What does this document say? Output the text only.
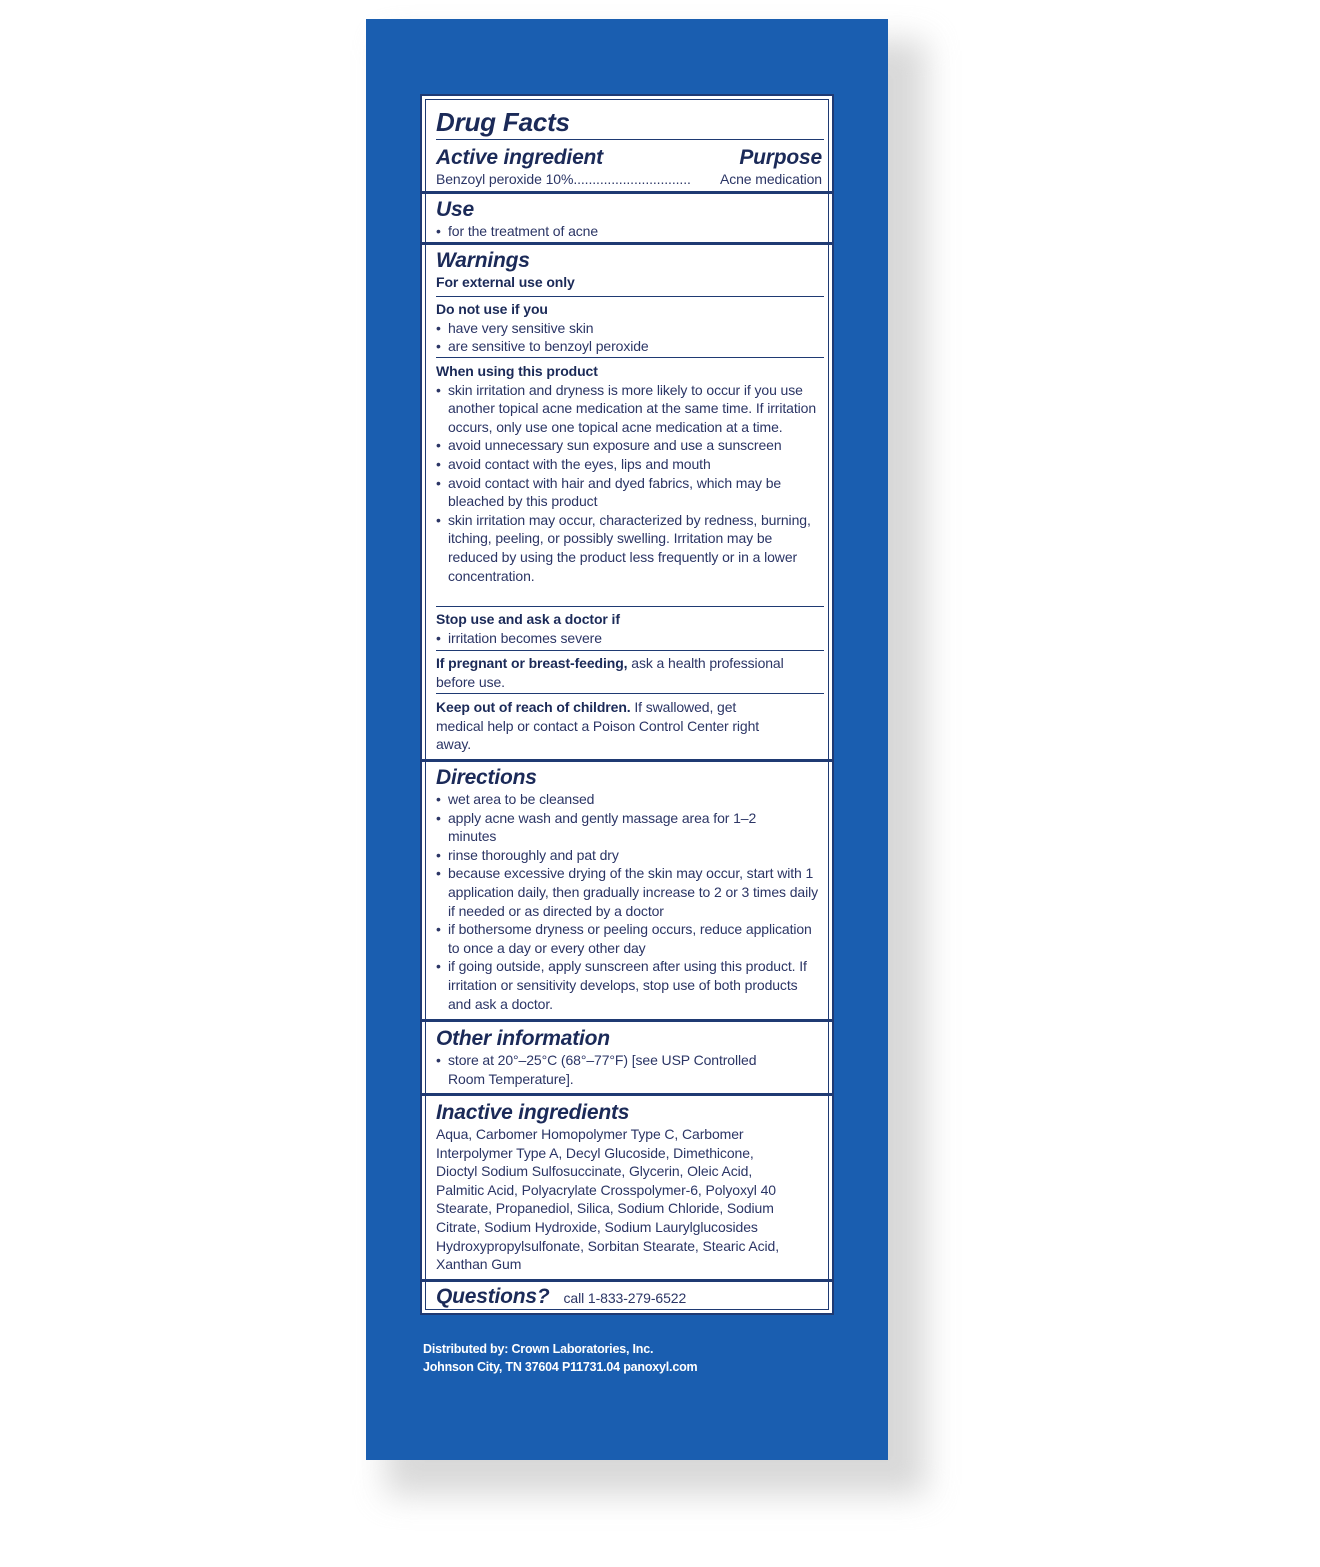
Drug Facts
Active ingredient	Purpose
Benzoyl peroxide 10% ...............................	Acne medication
Use
• for the treatment of acne
Warnings
For external use only
Do not use if you
• have very sensitive skin
• are sensitive to benzoyl peroxide
When using this product
• skin irritation and dryness is more likely to occur if you use another topical acne medication at the same time. If irritation occurs, only use one topical acne medication at a time.
• avoid unnecessary sun exposure and use a sunscreen
• avoid contact with the eyes, lips and mouth
• avoid contact with hair and dyed fabrics, which may be bleached by this product
• skin irritation may occur, characterized by redness, burning, itching, peeling, or possibly swelling. Irritation may be reduced by using the product less frequently or in a lower concentration.
Stop use and ask a doctor if
• irritation becomes severe
If pregnant or breast-feeding, ask a health professional before use.
Keep out of reach of children. If swallowed, get medical help or contact a Poison Control Center right away.
Directions
• wet area to be cleansed
• apply acne wash and gently massage area for 1–2 minutes
• rinse thoroughly and pat dry
• because excessive drying of the skin may occur, start with 1 application daily, then gradually increase to 2 or 3 times daily if needed or as directed by a doctor
• if bothersome dryness or peeling occurs, reduce application to once a day or every other day
• if going outside, apply sunscreen after using this product. If irritation or sensitivity develops, stop use of both products and ask a doctor.
Other information
• store at 20°–25°C (68°–77°F) [see USP Controlled Room Temperature].
Inactive ingredients
Aqua, Carbomer Homopolymer Type C, Carbomer Interpolymer Type A, Decyl Glucoside, Dimethicone, Dioctyl Sodium Sulfosuccinate, Glycerin, Oleic Acid, Palmitic Acid, Polyacrylate Crosspolymer-6, Polyoxyl 40 Stearate, Propanediol, Silica, Sodium Chloride, Sodium Citrate, Sodium Hydroxide, Sodium Laurylglucosides Hydroxypropylsulfonate, Sorbitan Stearate, Stearic Acid, Xanthan Gum
Questions? call 1-833-279-6522
Distributed by: Crown Laboratories, Inc.
Johnson City, TN 37604 P11731.04 panoxyl.com
